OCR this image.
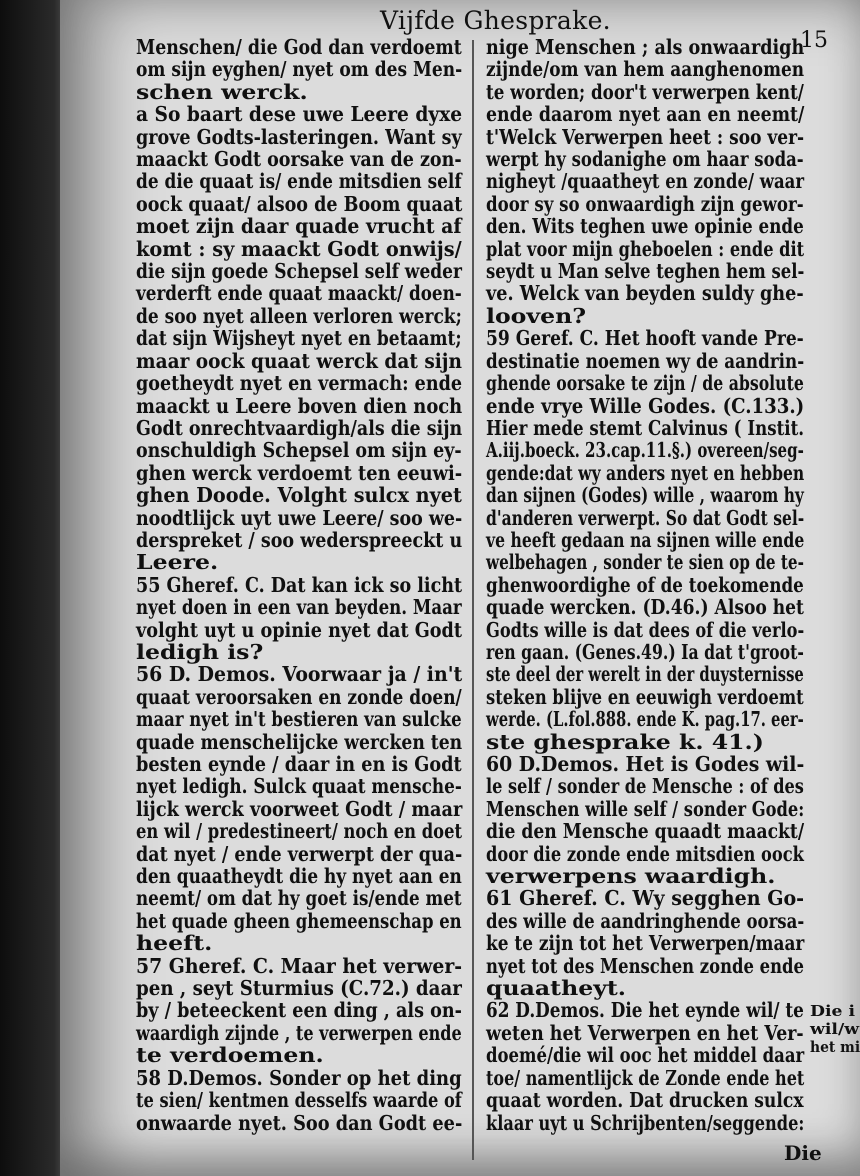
Vijfde Ghesprake.
15

Menschen/ die God dan verdoemt

om sijn eyghen/ nyet om des Men-

schen werck.

a So baart dese uwe Leere dyxe

grove Godts-lasteringen. Want sy

maackt Godt oorsake van de zon-

de die quaat is/ ende mitsdien self

oock quaat/ alsoo de Boom quaat

moet zijn daar quade vrucht af

komt : sy maackt Godt onwijs/

die sijn goede Schepsel self weder

verderft ende quaat maackt/ doen-

de soo nyet alleen verloren werck;

dat sijn Wijsheyt nyet en betaamt;

maar oock quaat werck dat sijn

goetheydt nyet en vermach: ende

maackt u Leere boven dien noch

Godt onrechtvaardigh/als die sijn

onschuldigh Schepsel om sijn ey-

ghen werck verdoemt ten eeuwi-

ghen Doode. Volght sulcx nyet

noodtlijck uyt uwe Leere/ soo we-

derspreket / soo wederspreeckt u

Leere.

55 Gheref. C. Dat kan ick so licht

nyet doen in een van beyden. Maar

volght uyt u opinie nyet dat Godt

ledigh is?

56 D. Demos. Voorwaar ja / in't

quaat veroorsaken en zonde doen/

maar nyet in't bestieren van sulcke

quade menschelijcke wercken ten

besten eynde / daar in en is Godt

nyet ledigh. Sulck quaat mensche-

lijck werck voorweet Godt / maar

en wil / predestineert/ noch en doet

dat nyet / ende verwerpt der qua-

den quaatheydt die hy nyet aan en

neemt/ om dat hy goet is/ende met

het quade gheen ghemeenschap en

heeft.

57 Gheref. C. Maar het verwer-

pen , seyt Sturmius (C.72.) daar

by / beteeckent een ding , als on-

waardigh zijnde , te verwerpen ende

te verdoemen.

58 D.Demos. Sonder op het ding

te sien/ kentmen desselfs waarde of

onwaarde nyet. Soo dan Godt ee-

nige Menschen ; als onwaardigh

zijnde/om van hem aanghenomen

te worden; door't verwerpen kent/

ende daarom nyet aan en neemt/

t'Welck Verwerpen heet : soo ver-

werpt hy sodanighe om haar soda-

nigheyt /quaatheyt en zonde/ waar

door sy so onwaardigh zijn gewor-

den. Wits teghen uwe opinie ende

plat voor mijn gheboelen : ende dit

seydt u Man selve teghen hem sel-

ve. Welck van beyden suldy ghe-

looven?

59 Geref. C. Het hooft vande Pre-

destinatie noemen wy de aandrin-

ghende oorsake te zijn / de absolute

ende vrye Wille Godes. (C.133.)

Hier mede stemt Calvinus ( Instit.

A.iij.boeck. 23.cap.11.§.) overeen/seg-

gende:dat wy anders nyet en hebben

dan sijnen (Godes) wille , waarom hy

d'anderen verwerpt. So dat Godt sel-

ve heeft gedaan na sijnen wille ende

welbehagen , sonder te sien op de te-

ghenwoordighe of de toekomende

quade wercken. (D.46.) Alsoo het

Godts wille is dat dees of die verlo-

ren gaan. (Genes.49.) Ia dat t'groot-

ste deel der werelt in der duysternisse

steken blijve en eeuwigh verdoemt

werde. (L.fol.888. ende K. pag.17. eer-

ste ghesprake k. 41.)

60 D.Demos. Het is Godes wil-

le self / sonder de Mensche : of des

Menschen wille self / sonder Gode:

die den Mensche quaadt maackt/

door die zonde ende mitsdien oock

verwerpens waardigh.

61 Gheref. C. Wy segghen Go-

des wille de aandringhende oorsa-

ke te zijn tot het Verwerpen/maar

nyet tot des Menschen zonde ende

quaatheyt.

62 D.Demos. Die het eynde wil/ te

weten het Verwerpen en het Ver-

doemé/die wil ooc het middel daar

toe/ namentlijck de Zonde ende het

quaat worden. Dat drucken sulcx

klaar uyt u Schrijbenten/seggende:

Die i

wil/w

het mi

Die
